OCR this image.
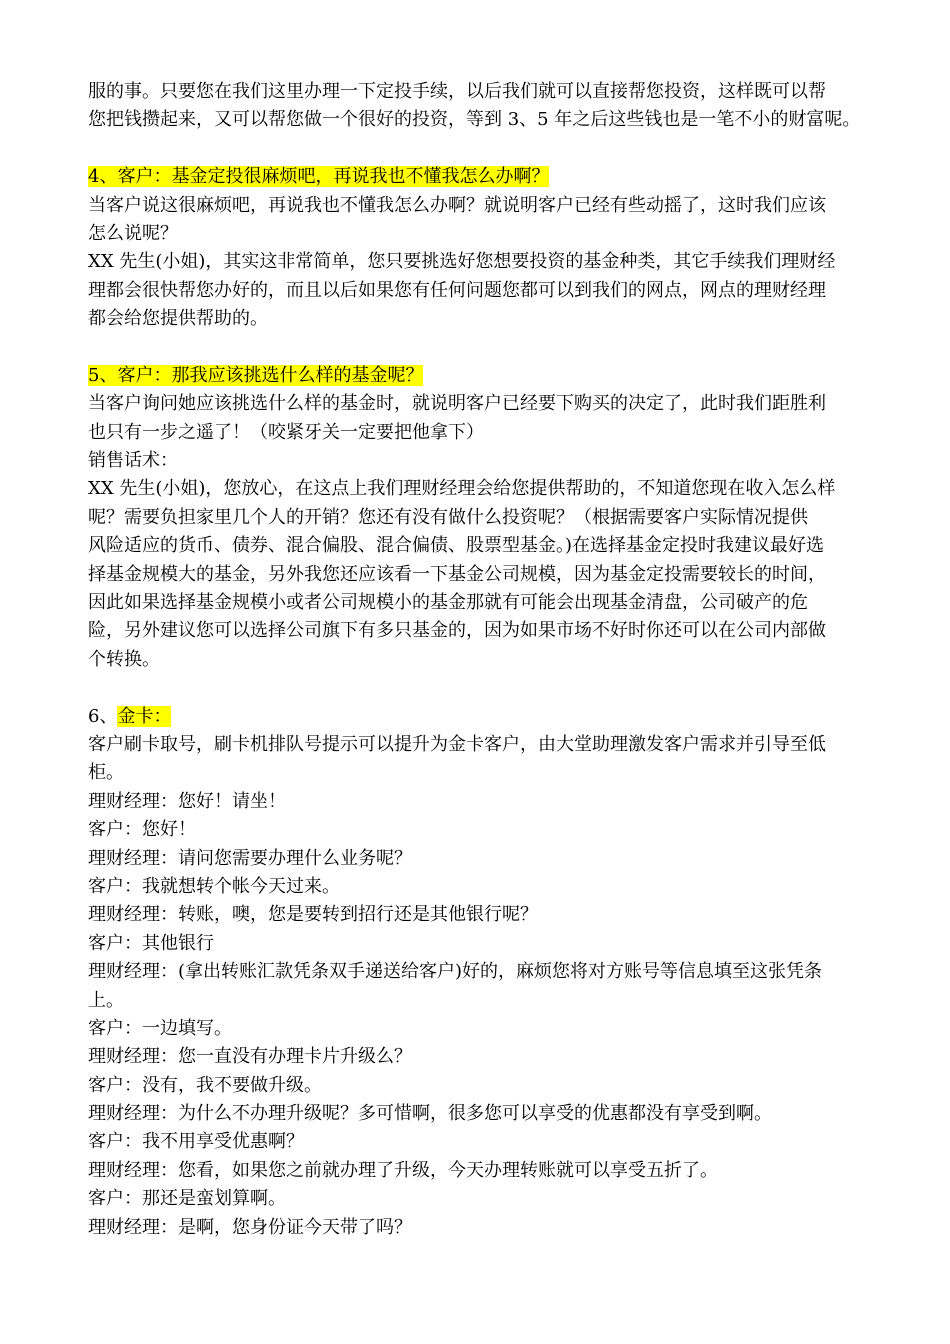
服的事。只要您在我们这里办理一下定投手续，以后我们就可以直接帮您投资，这样既可以帮
您把钱攒起来，又可以帮您做一个很好的投资，等到 3、5 年之后这些钱也是一笔不小的财富呢。
4、客户：基金定投很麻烦吧，再说我也不懂我怎么办啊？
当客户说这很麻烦吧，再说我也不懂我怎么办啊？就说明客户已经有些动摇了，这时我们应该
怎么说呢？
XX 先生(小姐)，其实这非常简单，您只要挑选好您想要投资的基金种类，其它手续我们理财经
理都会很快帮您办好的，而且以后如果您有任何问题您都可以到我们的网点，网点的理财经理
都会给您提供帮助的。
5、客户：那我应该挑选什么样的基金呢？
当客户询问她应该挑选什么样的基金时，就说明客户已经要下购买的决定了，此时我们距胜利
也只有一步之遥了！（咬紧牙关一定要把他拿下）
销售话术：
XX 先生(小姐)，您放心，在这点上我们理财经理会给您提供帮助的，不知道您现在收入怎么样
呢？需要负担家里几个人的开销？您还有没有做什么投资呢？（根据需要客户实际情况提供
风险适应的货币、债券、混合偏股、混合偏债、股票型基金。)在选择基金定投时我建议最好选
择基金规模大的基金，另外我您还应该看一下基金公司规模，因为基金定投需要较长的时间，
因此如果选择基金规模小或者公司规模小的基金那就有可能会出现基金清盘，公司破产的危
险，另外建议您可以选择公司旗下有多只基金的，因为如果市场不好时你还可以在公司内部做
个转换。
6、金卡：
客户刷卡取号，刷卡机排队号提示可以提升为金卡客户，由大堂助理激发客户需求并引导至低
柜。
理财经理：您好！请坐！
客户：您好！
理财经理：请问您需要办理什么业务呢？
客户：我就想转个帐今天过来。
理财经理：转账，噢，您是要转到招行还是其他银行呢？
客户：其他银行
理财经理：(拿出转账汇款凭条双手递送给客户)好的，麻烦您将对方账号等信息填至这张凭条
上。
客户：一边填写。
理财经理：您一直没有办理卡片升级么？
客户：没有，我不要做升级。
理财经理：为什么不办理升级呢？多可惜啊，很多您可以享受的优惠都没有享受到啊。
客户：我不用享受优惠啊？
理财经理：您看，如果您之前就办理了升级，今天办理转账就可以享受五折了。
客户：那还是蛮划算啊。
理财经理：是啊，您身份证今天带了吗？
